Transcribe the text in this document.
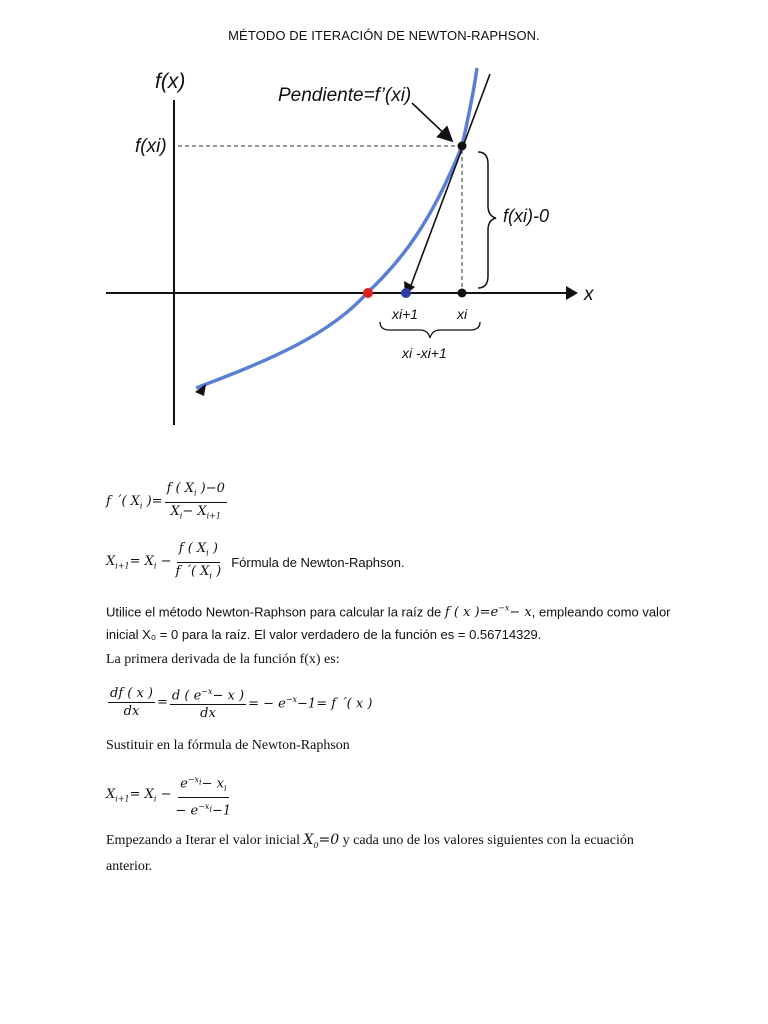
MÉTODO DE ITERACIÓN DE NEWTON-RAPHSON.
f(x)
x
f(xi)
Pendiente=f’(xi)
f(xi)-0
xi+1	xi
xi -xi+1
f ´( $X_i$ )= $\frac{f ( X_i )-0}{X_i- X_{i+1}}$
$X_{i+1}= X_i - \frac{f ( X_i )}{f ´( X_i )}$ Fórmula de Newton-Raphson.
Utilice el método Newton-Raphson para calcular la raíz de f ( x )$=e^{-x}- x$, empleando como valor
inicial X₀ = 0 para la raíz. El valor verdadero de la función es = 0.56714329.
La primera derivada de la función f(x) es:
$\frac{df ( x )}{dx} = \frac{d ( e^{-x}- x )}{dx}$ = − $e^{-x}-1= f$ ´( x )
Sustituir en la fórmula de Newton-Raphson
$X_{i+1}= X_i - \frac{e^{-x_i}- x_i}{- e^{-x_i}-1}$
Empezando a Iterar el valor inicial $X_0=0$ y cada uno de los valores siguientes con la ecuación
anterior.
